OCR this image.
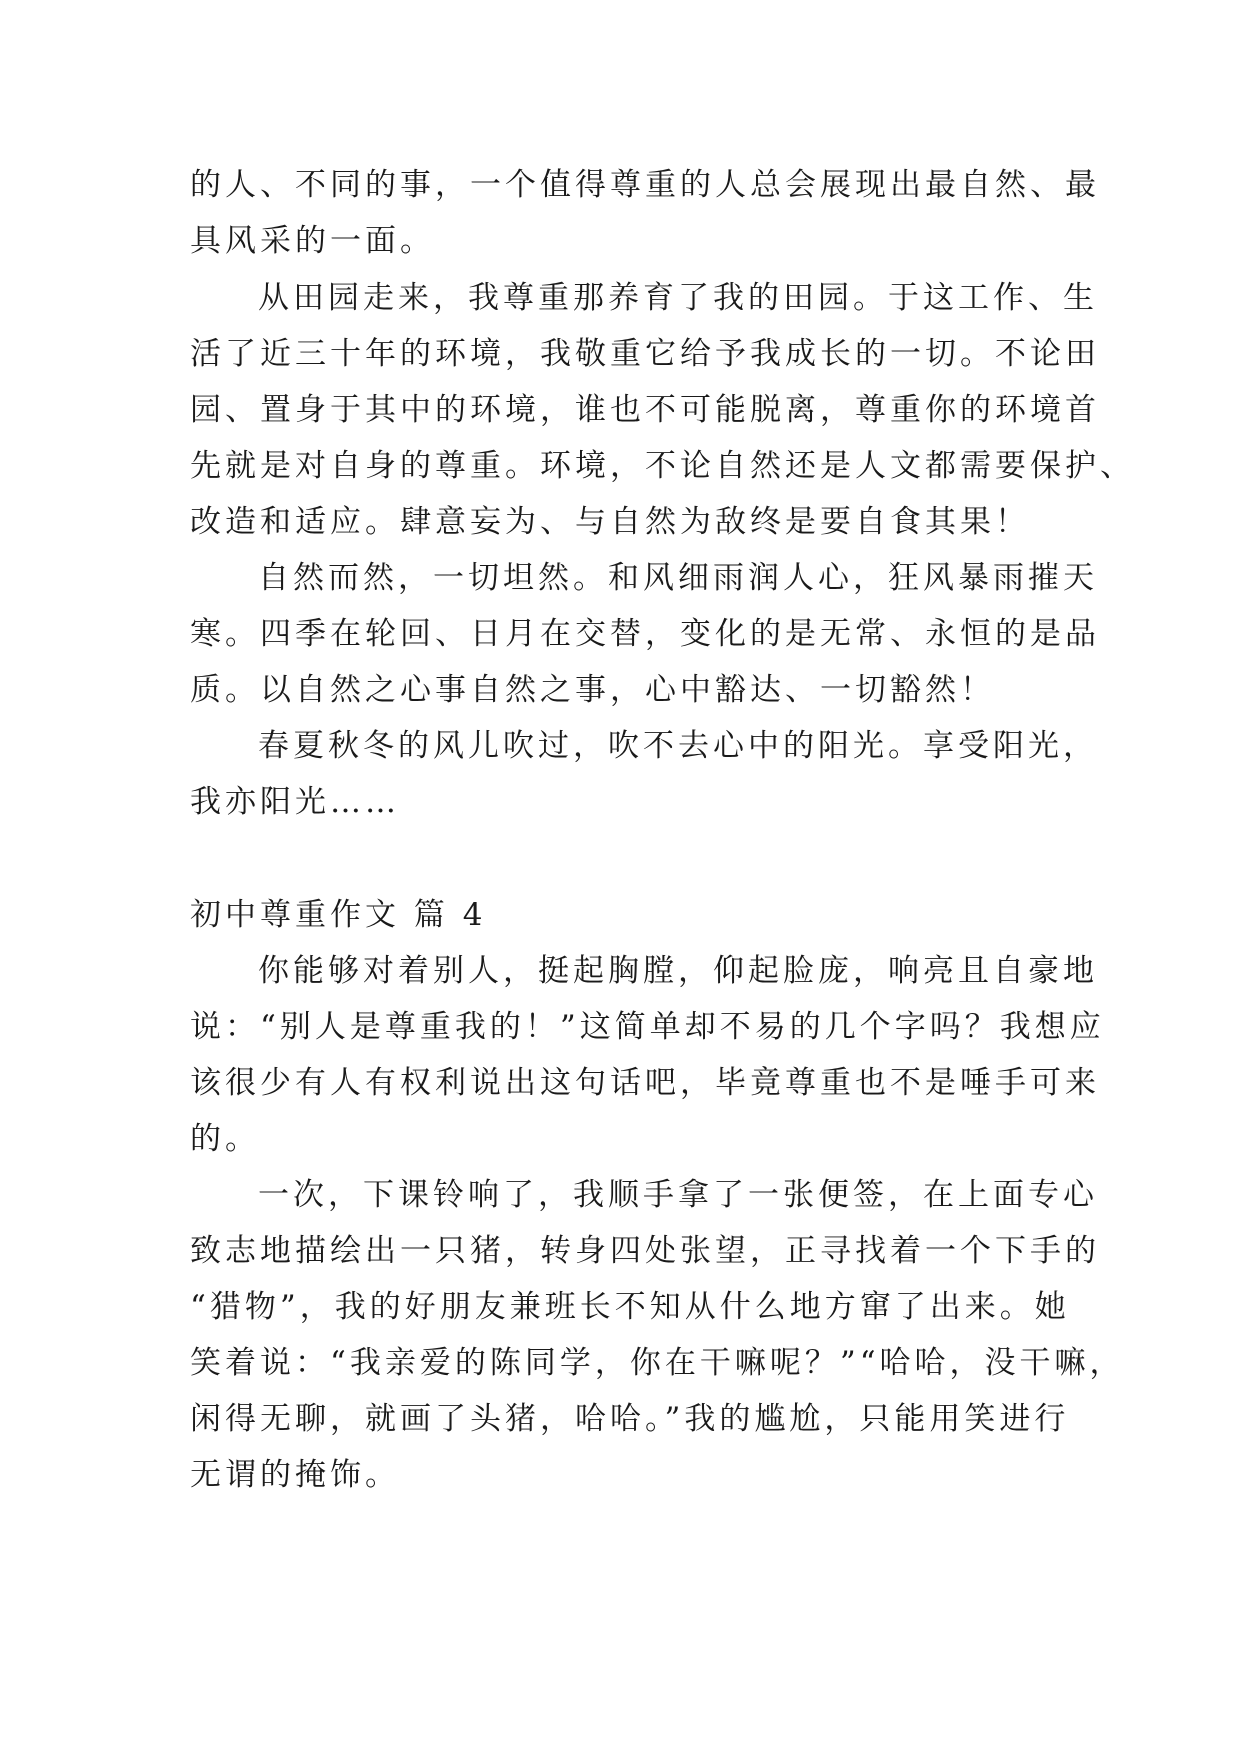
的人、不同的事，一个值得尊重的人总会展现出最自然、最
具风采的一面。
从田园走来，我尊重那养育了我的田园。于这工作、生
活了近三十年的环境，我敬重它给予我成长的一切。不论田
园、置身于其中的环境，谁也不可能脱离，尊重你的环境首
先就是对自身的尊重。环境，不论自然还是人文都需要保护、
改造和适应。肆意妄为、与自然为敌终是要自食其果！
自然而然，一切坦然。和风细雨润人心，狂风暴雨摧天
寒。四季在轮回、日月在交替，变化的是无常、永恒的是品
质。以自然之心事自然之事，心中豁达、一切豁然！
春夏秋冬的风儿吹过，吹不去心中的阳光。享受阳光，
我亦阳光……
初中尊重作文 篇 4
你能够对着别人，挺起胸膛，仰起脸庞，响亮且自豪地
说：“别人是尊重我的！”这简单却不易的几个字吗？我想应
该很少有人有权利说出这句话吧，毕竟尊重也不是唾手可来
的。
一次，下课铃响了，我顺手拿了一张便签，在上面专心
致志地描绘出一只猪，转身四处张望，正寻找着一个下手的
“猎物”，我的好朋友兼班长不知从什么地方窜了出来。她
笑着说：“我亲爱的陈同学，你在干嘛呢？”“哈哈，没干嘛，
闲得无聊，就画了头猪，哈哈。”我的尴尬，只能用笑进行
无谓的掩饰。
